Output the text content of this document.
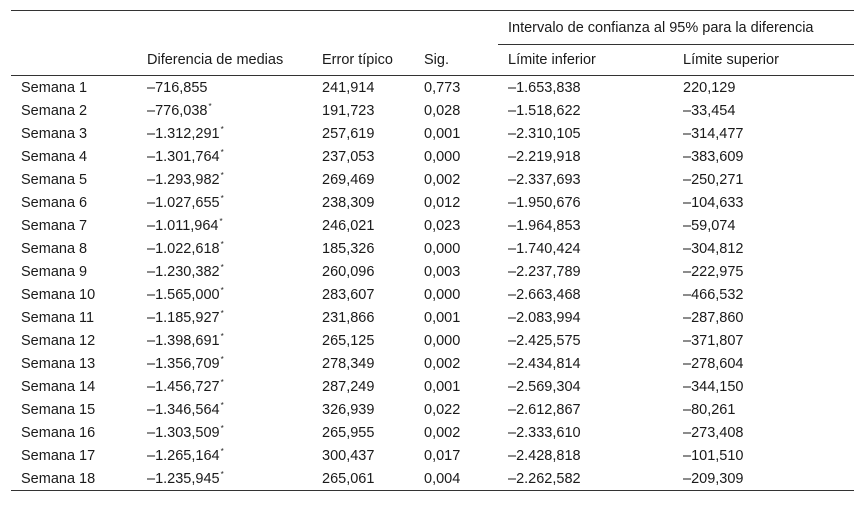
				Intervalo de confianza al 95% para la diferencia	
	Diferencia de medias	Error típico	Sig.	Límite inferior	Límite superior
Semana 1	–716,855	241,914	0,773	–1.653,838	220,129
Semana 2	–776,038*	191,723	0,028	–1.518,622	–33,454
Semana 3	–1.312,291*	257,619	0,001	–2.310,105	–314,477
Semana 4	–1.301,764*	237,053	0,000	–2.219,918	–383,609
Semana 5	–1.293,982*	269,469	0,002	–2.337,693	–250,271
Semana 6	–1.027,655*	238,309	0,012	–1.950,676	–104,633
Semana 7	–1.011,964*	246,021	0,023	–1.964,853	–59,074
Semana 8	–1.022,618*	185,326	0,000	–1.740,424	–304,812
Semana 9	–1.230,382*	260,096	0,003	–2.237,789	–222,975
Semana 10	–1.565,000*	283,607	0,000	–2.663,468	–466,532
Semana 11	–1.185,927*	231,866	0,001	–2.083,994	–287,860
Semana 12	–1.398,691*	265,125	0,000	–2.425,575	–371,807
Semana 13	–1.356,709*	278,349	0,002	–2.434,814	–278,604
Semana 14	–1.456,727*	287,249	0,001	–2.569,304	–344,150
Semana 15	–1.346,564*	326,939	0,022	–2.612,867	–80,261
Semana 16	–1.303,509*	265,955	0,002	–2.333,610	–273,408
Semana 17	–1.265,164*	300,437	0,017	–2.428,818	–101,510
Semana 18	–1.235,945*	265,061	0,004	–2.262,582	–209,309
